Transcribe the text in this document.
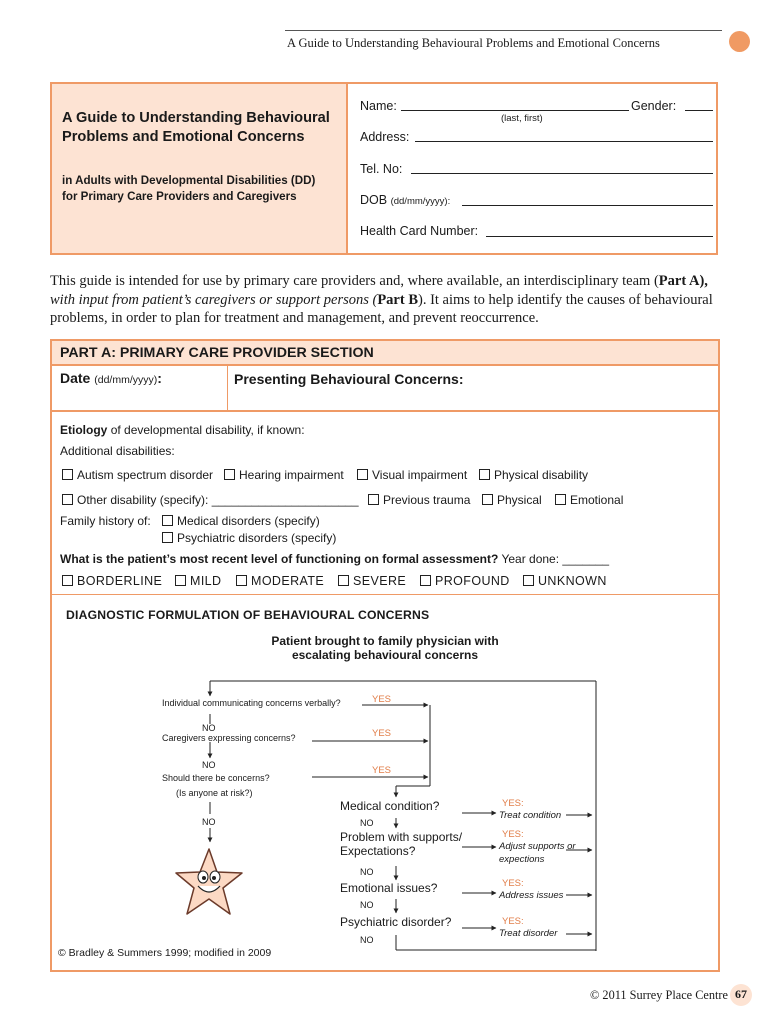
A Guide to Understanding Behavioural Problems and Emotional Concerns
A Guide to Understanding Behavioural Problems and Emotional Concerns
in Adults with Developmental Disabilities (DD) for Primary Care Providers and Caregivers
Name:	Gender:
(last, first)
Address:
Tel. No:
DOB (dd/mm/yyyy):
Health Card Number:
This guide is intended for use by primary care providers and, where available, an interdisciplinary team (Part A), with input from patient’s caregivers or support persons (Part B). It aims to help identify the causes of behavioural problems, in order to plan for treatment and management, and prevent reoccurrence.
PART A: PRIMARY CARE PROVIDER SECTION
Date (dd/mm/yyyy):	Presenting Behavioural Concerns:
Etiology of developmental disability, if known:
Additional disabilities:
Autism spectrum disorder	Hearing impairment	Visual impairment	Physical disability
Other disability (specify): ______________________	Previous trauma	Physical	Emotional
Family history of:	Medical disorders (specify)
Psychiatric disorders (specify)
What is the patient’s most recent level of functioning on formal assessment? Year done: _______
BORDERLINE	MILD	MODERATE	SEVERE	PROFOUND	UNKNOWN
DIAGNOSTIC FORMULATION OF BEHAVIOURAL CONCERNS
Patient brought to family physician with
escalating behavioural concerns
Individual communicating concerns verbally?	YES
NO
Caregivers expressing concerns?	YES
NO
Should there be concerns?
YES
(Is anyone at risk?)
NO
Medical condition?	YES:
Treat condition
NO
Problem with supports/ Expectations?
YES:
Adjust supports or expections
NO
Emotional issues?	YES:
Address issues
NO
Psychiatric disorder?	YES:
Treat disorder
NO
© Bradley & Summers 1999; modified in 2009
© 2011 Surrey Place Centre 67
